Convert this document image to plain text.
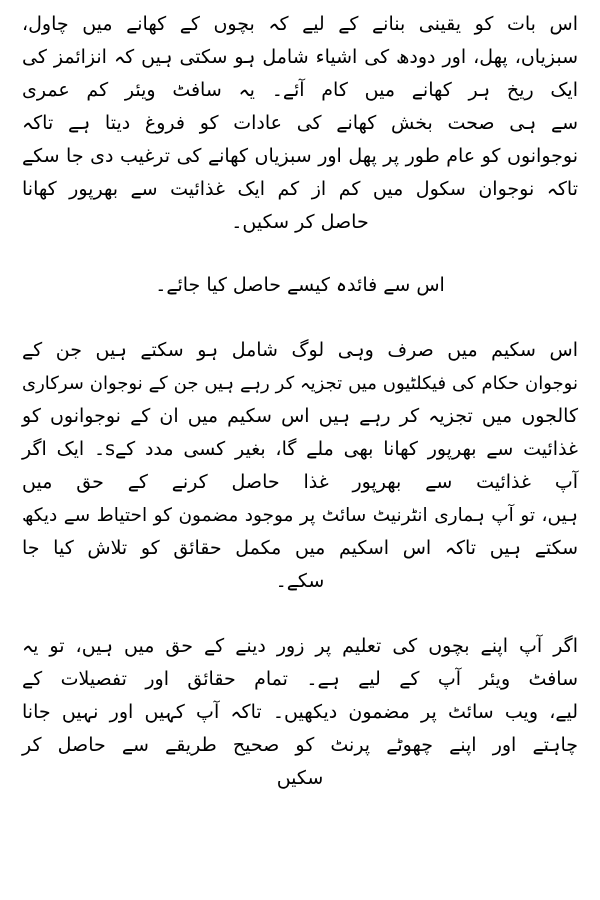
اس بات کو یقینی بنانے کے لیے کہ بچوں کے کھانے میں چاول،
سبزیاں، پھل، اور دودھ کی اشیاء شامل ہو سکتی ہیں کہ انزائمز کی
ایک ریخ ہر کھانے میں کام آئے۔ یہ سافٹ ویئر کم عمری
سے ہی صحت بخش کھانے کی عادات کو فروغ دیتا ہے تاکہ
نوجوانوں کو عام طور پر پھل اور سبزیاں کھانے کی ترغیب دی جا سکے
تاکہ نوجوان سکول میں کم از کم ایک غذائیت سے بھرپور کھانا
حاصل کر سکیں۔

اس سے فائدہ کیسے حاصل کیا جائے۔

اس سکیم میں صرف وہی لوگ شامل ہو سکتے ہیں جن کے
نوجوان حکام کی فیکلٹیوں میں تجزیہ کر رہے ہیں جن کے نوجوان سرکاری
کالجوں میں تجزیہ کر رہے ہیں اس سکیم میں ان کے نوجوانوں کو
غذائیت سے بھرپور کھانا بھی ملے گا، بغیر کسی مدد کےs۔ ایک اگر
آپ غذائیت سے بھرپور غذا حاصل کرنے کے حق میں
ہیں، تو آپ ہماری انٹرنیٹ سائٹ پر موجود مضمون کو احتیاط سے دیکھ
سکتے ہیں تاکہ اس اسکیم میں مکمل حقائق کو تلاش کیا جا
سکے۔
اگر آپ اپنے بچوں کی تعلیم پر زور دینے کے حق میں ہیں، تو یہ
سافٹ ویئر آپ کے لیے ہے۔ تمام حقائق اور تفصیلات کے
لیے، ویب سائٹ پر مضمون دیکھیں۔ تاکہ آپ کہیں اور نہیں جانا
چاہتے اور اپنے چھوٹے پرنٹ کو صحیح طریقے سے حاصل کر
سکیں
